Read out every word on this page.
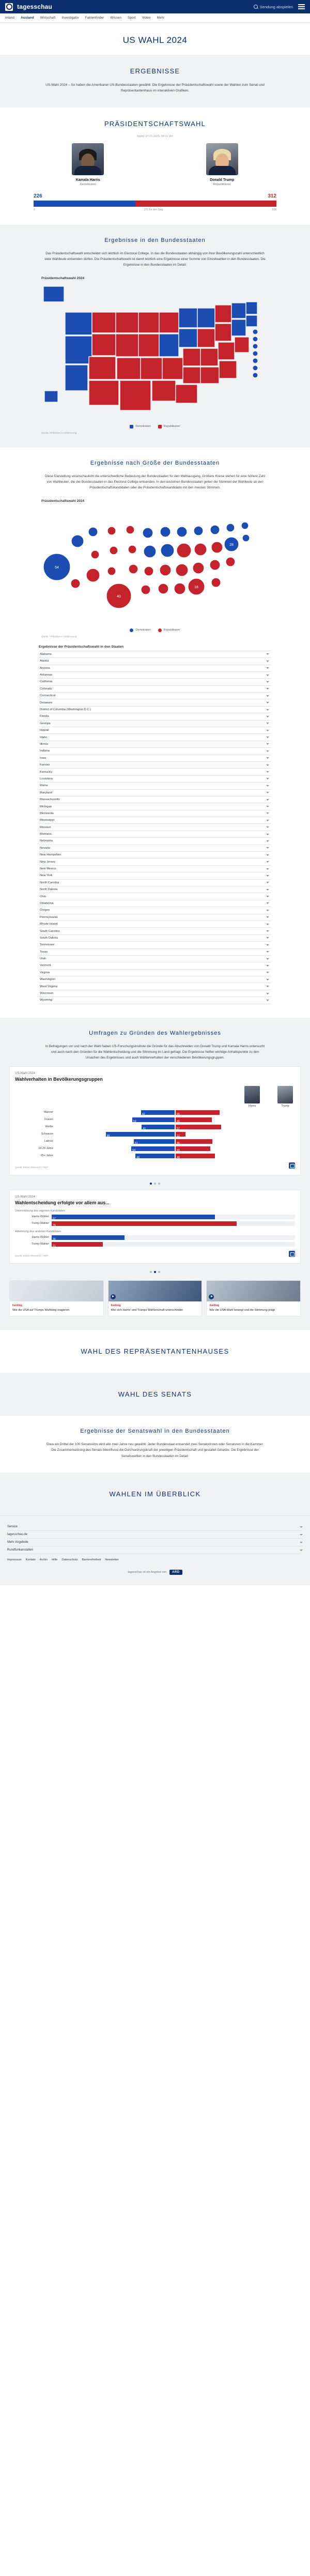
tagesschau	Sendung abspielen
Inland Ausland Wirtschaft Investigativ Faktenfinder Wissen Sport Video Mehr
US WAHL 2024
ERGEBNISSE
US-Wahl 2024 – So haben die Amerikaner US-Bundesstaaten gewählt: Die Ergebnisse der Präsidentschaftswahl sowie der Wahlen zum Senat und Repräsentantenhaus im interaktiven Grafiken.
PRÄSIDENTSCHAFTSWAHL
Stand: 07.01.2025, 08:11 Uhr
Kamala Harris
Demokraten
Donald Trump
Republikaner
226	312
0	270 für den Sieg	538
Ergebnisse in den Bundesstaaten
Das Präsidentschaftswahl entscheidet sich letztlich im Electoral College. In das die Bundesstaaten abhängig von ihrer Bevölkerungszahl unterschiedlich viele Wahlleute entsenden dürfen. Die Präsidentschaftswahl ist damit letztlich eine Ergebnisse einer Summe von Einzelwahlen in den Bundesstaaten. Die Ergebnisse in den Bundesstaaten im Detail:
Präsidentschaftswahl 2024
Demokraten	Republikaner
Quelle: AP/Edison in Abstimmung
Ergebnisse nach Größe der Bundesstaaten
Diese Darstellung veranschaulicht die unterschiedliche Bedeutung der Bundesstaaten für den Wahlausgang. Größere Kreise stehen für eine höhere Zahl von Wahlleuten, die der Bundesstaaten in das Electoral College entsenden. In den einzelnen Bundesstaaten gelten die Stimmen der Wahlleute an den Präsidentschaftskandidaten oder die Präsidentschaftskandidatin mit den meisten Stimmen.
Präsidentschaftswahl 2024
54
40
16
28
Demokraten	Republikaner
Quelle: AP/Edison in Abstimmung
Ergebnisse der Präsidentschaftswahl in den Staaten
Alabama
Alaska
Arizona
Arkansas
California
Colorado
Connecticut
Delaware
District of Columbia (Washington D.C.)
Florida
Georgia
Hawaii
Idaho
Illinois
Indiana
Iowa
Kansas
Kentucky
Louisiana
Maine
Maryland
Massachusetts
Michigan
Minnesota
Mississippi
Missouri
Montana
Nebraska
Nevada
New Hampshire
New Jersey
New Mexico
New York
North Carolina
North Dakota
Ohio
Oklahoma
Oregon
Pennsylvania
Rhode Island
South Carolina
South Dakota
Tennessee
Texas
Utah
Vermont
Virginia
Washington
West Virginia
Wisconsin
Wyoming
Umfragen zu Gründen des Wahlergebnisses
In Befragungen vor und nach der Wahl haben US-Forschungsinstitute die Gründe für das Abschneiden von Donald Trump und Kamala Harris untersucht und auch nach den Gründen für die Wahlentscheidung und die Stimmung im Land gefragt. Die Ergebnisse helfen wichtige Anhaltspunkte zu den Ursachen des Ergebnisses und auch Wählerverhalten der verschiedenen Bevölkerungsgruppen.
US-Wahl 2024
Wahlverhalten in Bevölkerungsgruppen
Harris	Trump
Männer
42	55
Frauen
53	45
Weiße
41	57
Schwarze
86	12
Latinos
51	46
18-29 Jahre
54	43
65+ Jahre
49	49
Quelle: Edison Research / NEP
US-Wahl 2024
Wahlentscheidung erfolgte vor allem aus...
Unterstützung des eigenen Kandidaten
Harris-Wähler
67
Trump-Wähler
76
Ablehnung des anderen Kandidaten
Harris-Wähler
30
Trump-Wähler
21
Quelle: Edison Research / NEP
liveblog
Wie die USA auf Trumps Wahlsieg reagieren
liveblog
Wie sich Harris' und Trumps Wählerschaft unterscheidet
liveblog
Wie die USA-Wahl bewegt und die Stimmung prägt
WAHL DES REPRÄSENTANTENHAUSES
WAHL DES SENATS
Ergebnisse der Senatswahl in den Bundesstaaten
Etwa ein Drittel der 100 Senatssitze wird alle zwei Jahre neu gewählt. Jeder Bundesstaat entsendet zwei Senatorinnen oder Senatoren in die Kammer. Die Zusammensetzung des Senats beeinflusst die Durchsetzungskraft der jeweiligen Präsidentschaft und gestaltet Gesetze. Die Ergebnisse der Senatswahlen in den Bundesstaaten im Detail:
WAHLEN IM ÜBERBLICK
Service
tagesschau.de
Mehr Angebote
Rundfunkanstalten
Impressum Kontakt Archiv Hilfe Datenschutz Barrierefreiheit Newsletter
tagesschau ist ein Angebot von	ARD
